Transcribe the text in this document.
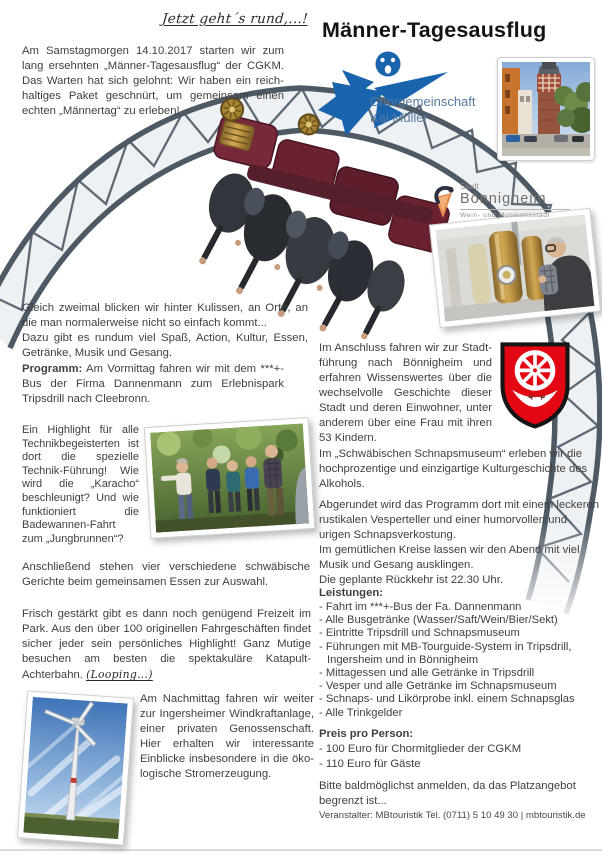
Jetzt geht´s rund,...!
Am Samstagmorgen 14.10.2017 starten wir zum lang ersehnten „Männer-Tagesausflug“ der CGKM. Das Warten hat sich gelohnt: Wir haben ein reichhaltiges Paket geschnürt, um gemeinsam einen echten „Männertag“ zu erleben!
Männer-Tagesausflug
Chorgemeinschaft
Kai Müller
Stadt
Bönnigheim
Wein- und Museumsstadt
Gleich zweimal blicken wir hinter Kulissen, an Orte, an die man normalerweise nicht so einfach kommt...
Dazu gibt es rundum viel Spaß, Action, Kultur, Essen, Getränke, Musik und Gesang.
Programm: Am Vormittag fahren wir mit dem ***+-Bus der Firma Dannenmann zum Erlebnispark Tripsdrill nach Cleebronn.
Ein Highlight für alle Technikbegeisterten ist dort die spezielle Technik-Führung! Wie wird die „Karacho“ beschleunigt? Und wie funktioniert die Badewannen-Fahrt zum „Jungbrunnen“?
Anschließend stehen vier verschiedene schwäbische Gerichte beim gemeinsamen Essen zur Auswahl.
Frisch gestärkt gibt es dann noch genügend Freizeit im Park. Aus den über 100 originellen Fahrgeschäften findet sicher jeder sein persönliches Highlight! Ganz Mutige besuchen am besten die spektakuläre Katapult-Achterbahn. (Looping...)
Am Nachmittag fahren wir weiter zur Ingersheimer Windkraftanlage, einer privaten Genossenschaft. Hier erhalten wir interessante Einblicke insbesondere in die ökologische Stromerzeugung.
Im Anschluss fahren wir zur Stadtführung nach Bönnigheim und erfahren Wissenswertes über die wechselvolle Geschichte dieser Stadt und deren Einwohner, unter anderem über eine Frau mit ihren 53 Kindern.
Im „Schwäbischen Schnapsmuseum“ erleben wir die hochprozentige und einzigartige Kulturgeschichte des Alkohols.
Abgerundet wird das Programm dort mit einem leckeren rustikalen Vesperteller und einer humorvollen und urigen Schnapsverkostung.
Im gemütlichen Kreise lassen wir den Abend mit viel Musik und Gesang ausklingen.
Die geplante Rückkehr ist 22.30 Uhr.
Leistungen:
- Fahrt im ***+-Bus der Fa. Dannenmann
- Alle Busgetränke (Wasser/Saft/Wein/Bier/Sekt)
- Eintritte Tripsdrill und Schnapsmuseum
- Führungen mit MB-Tourguide-System in Tripsdrill, Ingersheim und in Bönnigheim
- Mittagessen und alle Getränke in Tripsdrill
- Vesper und alle Getränke im Schnapsmuseum
- Schnaps- und Likörprobe inkl. einem Schnapsglas
- Alle Trinkgelder
Preis pro Person:
- 100 Euro für Chormitglieder der CGKM
- 110 Euro für Gäste
Bitte baldmöglichst anmelden, da das Platzangebot begrenzt ist...
Veranstalter: MBtouristik Tel. (0711) 5 10 49 30 | mbtouristik.de
